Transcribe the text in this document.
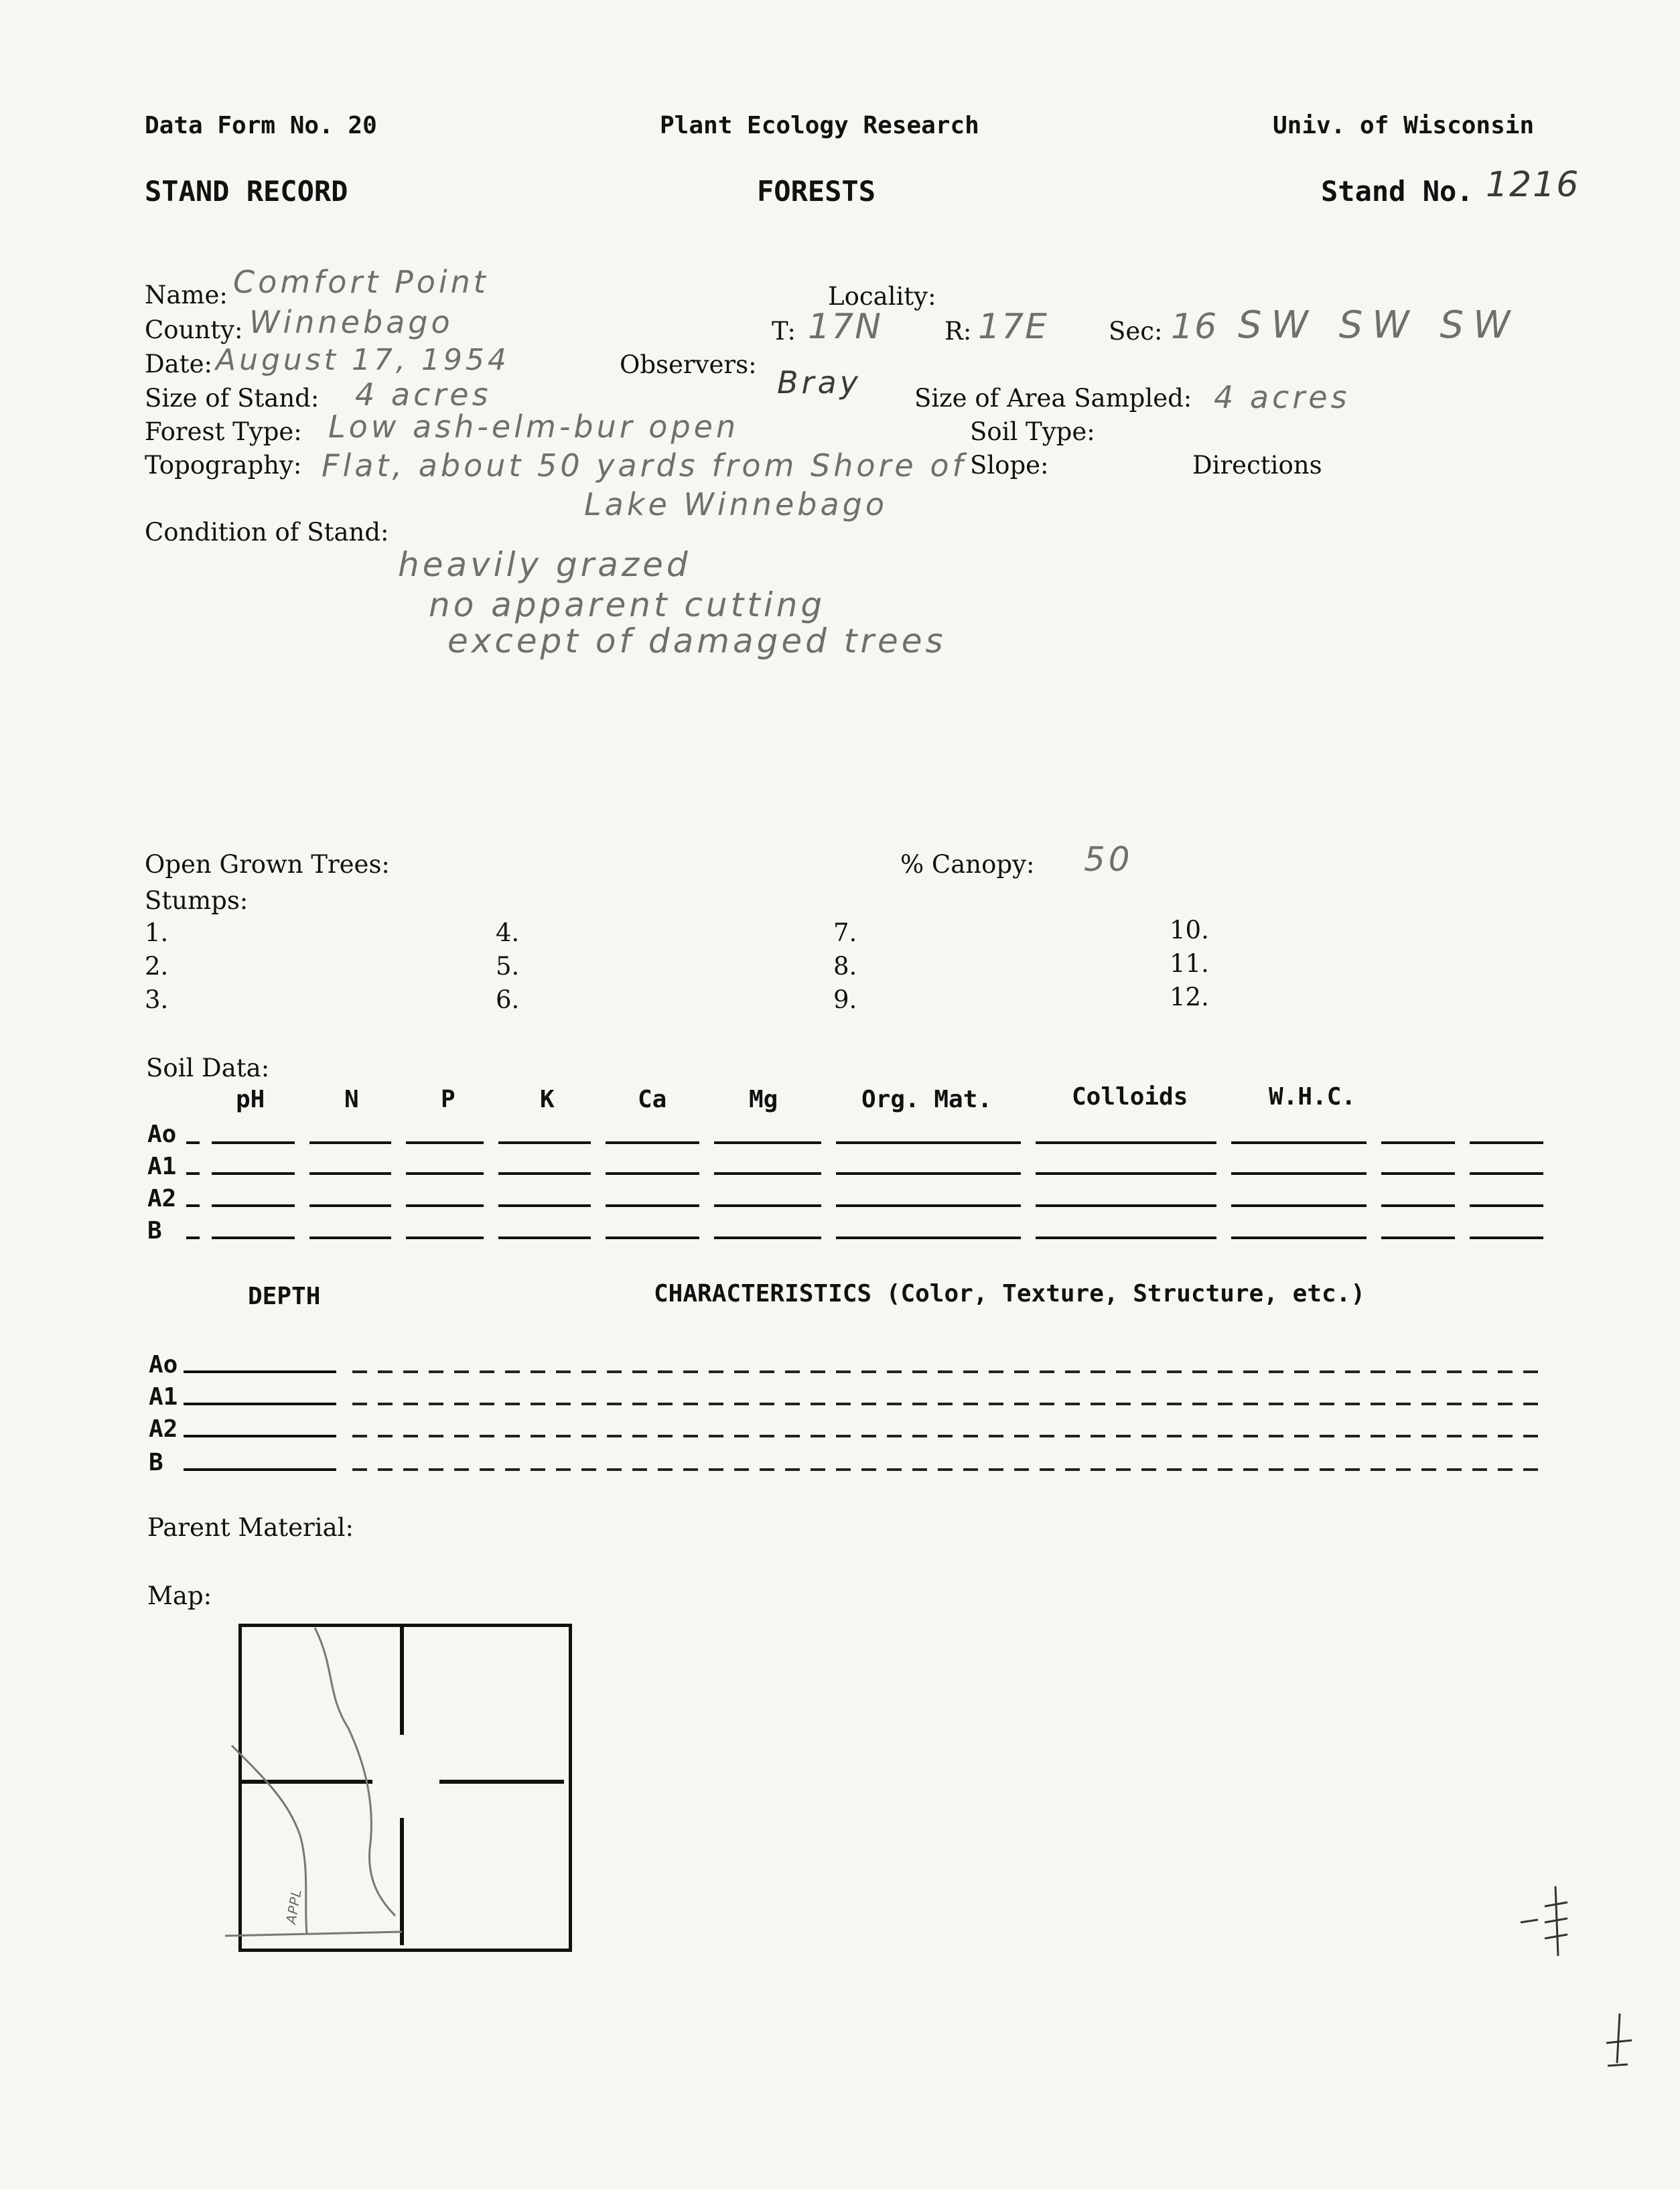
Data Form No. 20	Plant Ecology Research	Univ. of Wisconsin
STAND RECORD	FORESTS	Stand No. 1216
Name: Comfort Point
County: Winnebago
Date: August 17, 1954
Size of Stand: 4 acres
Forest Type: Low ash-elm-bur open
Topography: Flat, about 50 yards from Shore of
Lake Winnebago
Locality:
T: 17N	R: 17E Sec: 16 SW SW SW
Observers: Bray Size of Area Sampled: 4 acres
Soil Type:
Slope:	Directions
Condition of Stand:
heavily grazed
no apparent cutting
except of damaged trees
Open Grown Trees:	% Canopy: 50
Stumps:
1.
2.
3.
4.
5.
6.
7.
8.
9.
10.
11.
12.
Soil Data:
pH	N	P	K	Ca	Mg	Org. Mat.	Colloids	W.H.C.
Ao
A1
A2
B
DEPTH	CHARACTERISTICS (Color, Texture, Structure, etc.)
Ao
A1
A2
B
Parent Material:
Map:
APPL
